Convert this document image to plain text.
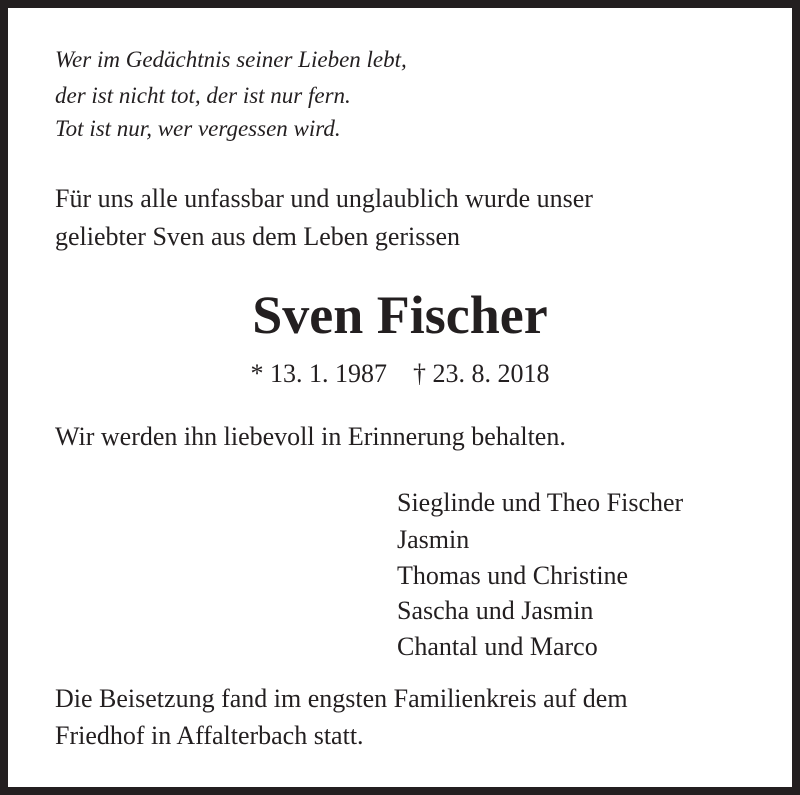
Wer im Gedächtnis seiner Lieben lebt,
der ist nicht tot, der ist nur fern.
Tot ist nur, wer vergessen wird.
Für uns alle unfassbar und unglaublich wurde unser
geliebter Sven aus dem Leben gerissen
Sven Fischer
* 13. 1. 1987    † 23. 8. 2018
Wir werden ihn liebevoll in Erinnerung behalten.
Sieglinde und Theo Fischer
Jasmin
Thomas und Christine
Sascha und Jasmin
Chantal und Marco
Die Beisetzung fand im engsten Familienkreis auf dem
Friedhof in Affalterbach statt.
